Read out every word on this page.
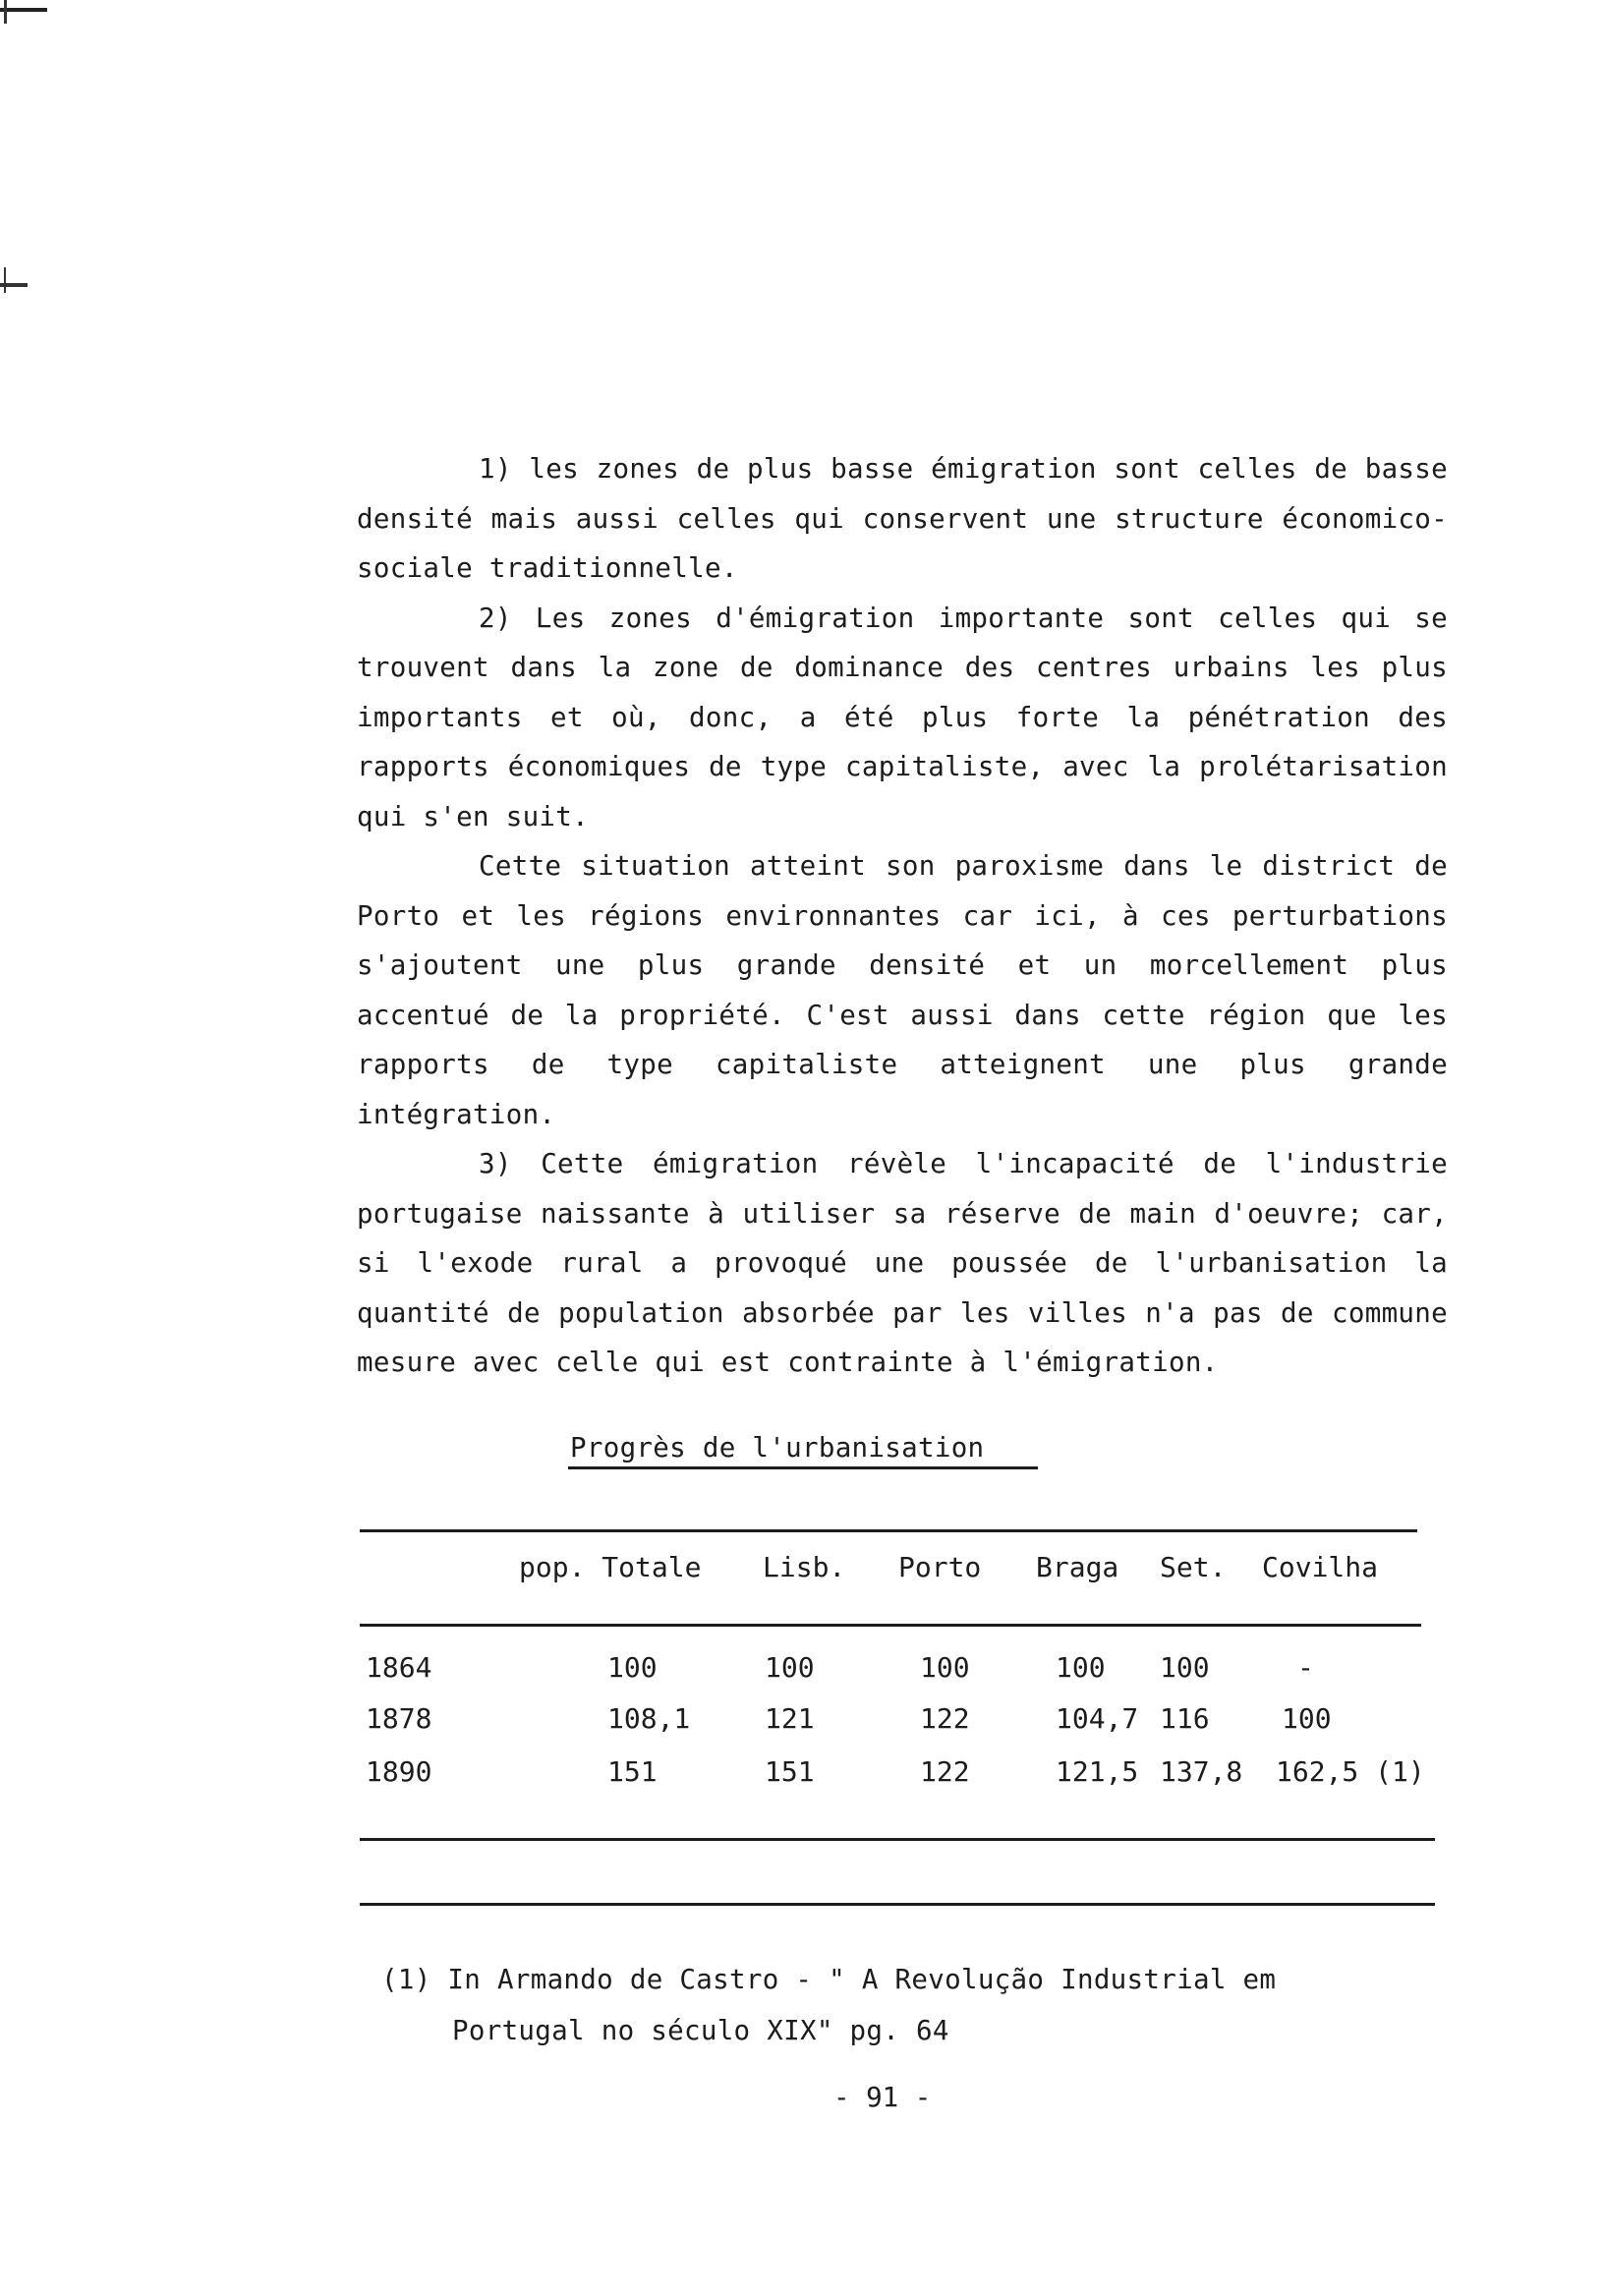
1) les zones de plus basse émigration sont celles de basse densité mais aussi celles qui conservent une structure économico-sociale traditionnelle.

2) Les zones d'émigration importante sont celles qui se trouvent dans la zone de dominance des centres urbains les plus importants et où, donc, a été plus forte la pénétration des rapports économiques de type capitaliste, avec la prolétarisation qui s'en suit.

Cette situation atteint son paroxisme dans le district de Porto et les régions environnantes car ici, à ces perturbations s'ajoutent une plus grande densité et un morcellement plus accentué de la propriété. C'est aussi dans cette région que les rapports de type capitaliste atteignent une plus grande intégration.

3) Cette émigration révèle l'incapacité de l'industrie portugaise naissante à utiliser sa réserve de main d'oeuvre; car, si l'exode rural a provoqué une poussée de l'urbanisation la quantité de population absorbée par les villes n'a pas de commune mesure avec celle qui est contrainte à l'émigration.

Progrès de l'urbanisation
pop. Totale Lisb. Porto Braga Set. Covilha
1864	100	100	100	100 100	-
1878	108,1	121	122	104,7 116	100
1890	151	151	122	121,5 137,8 162,5 (1)
(1) In Armando de Castro - " A Revolução Industrial em
Portugal no século XIX" pg. 64
- 91 -
